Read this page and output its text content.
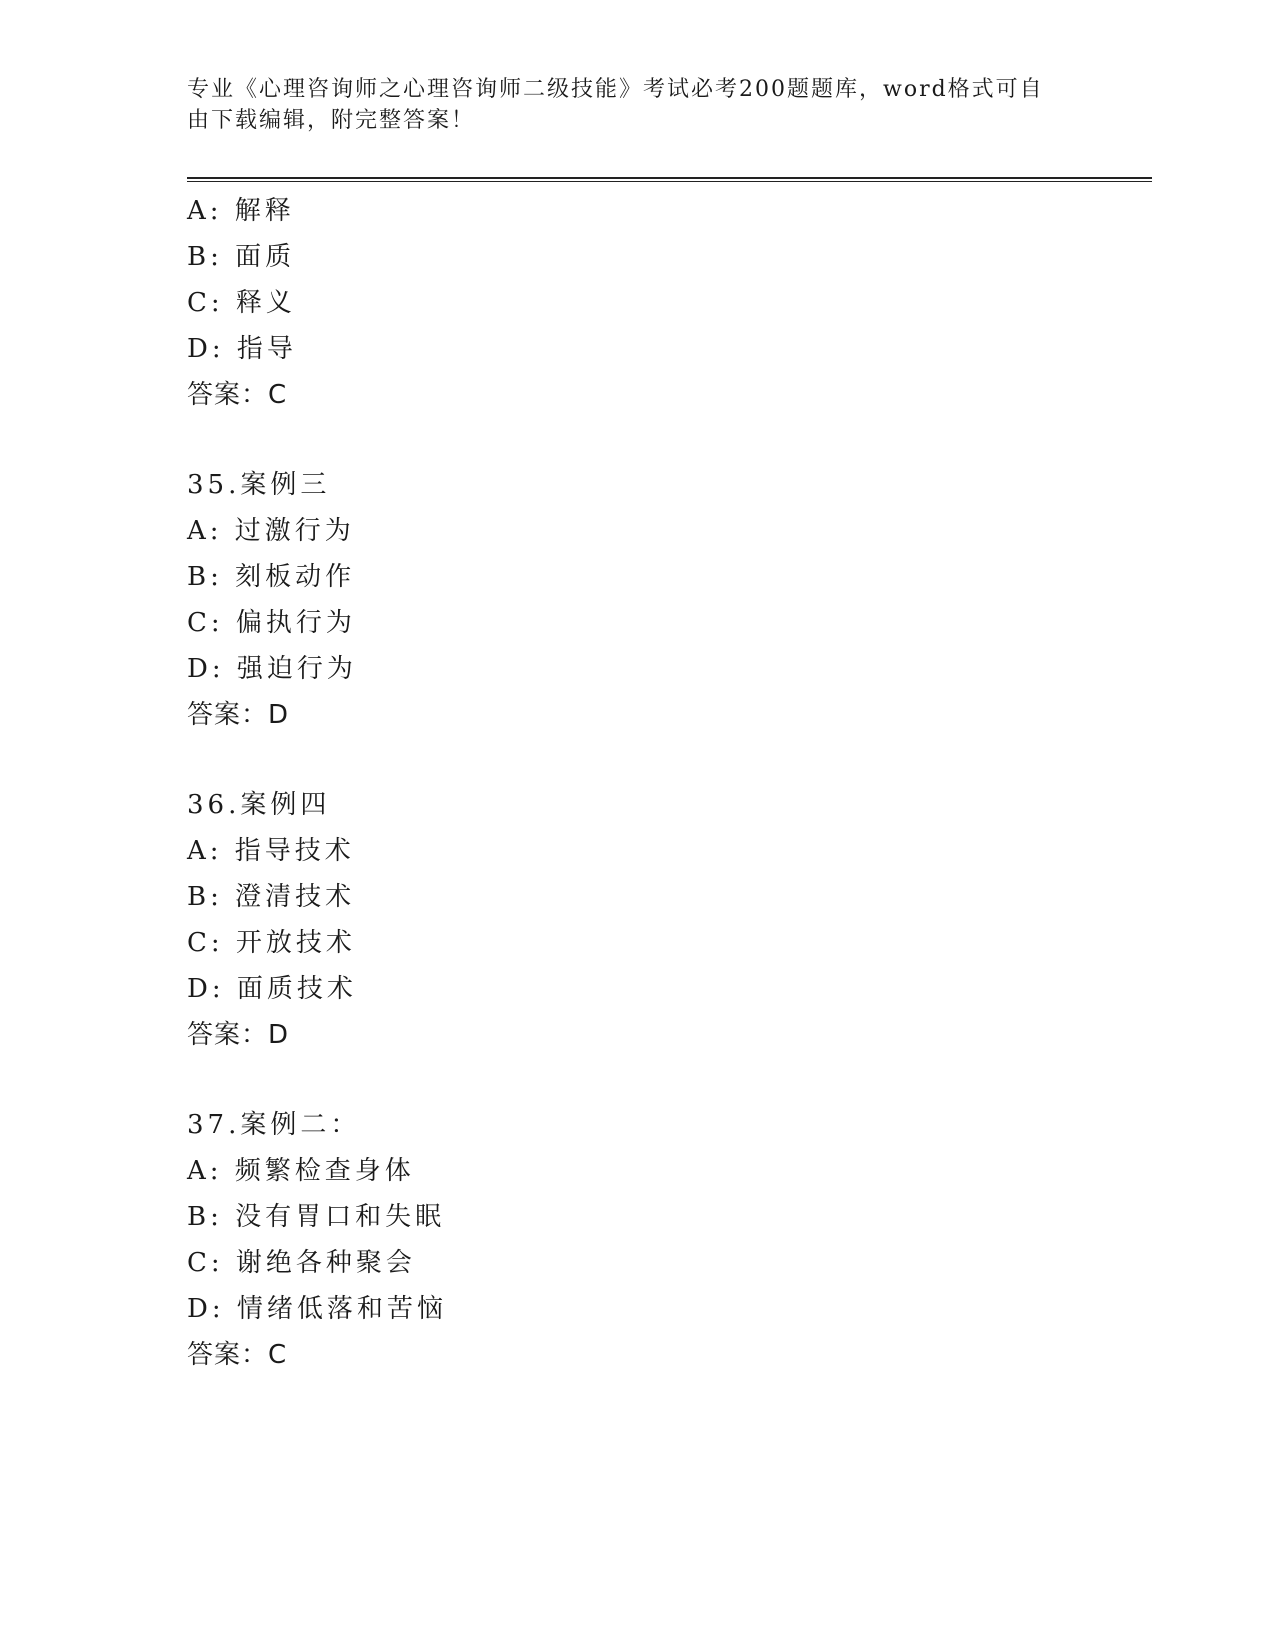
专业《心理咨询师之心理咨询师二级技能》考试必考200题题库，word格式可自
由下载编辑，附完整答案！
A: 解释
B: 面质
C: 释义
D: 指导
答案：C
35.案例三
A: 过激行为
B: 刻板动作
C: 偏执行为
D: 强迫行为
答案：D
36.案例四
A: 指导技术
B: 澄清技术
C: 开放技术
D: 面质技术
答案：D
37.案例二：
A: 频繁检查身体
B: 没有胃口和失眠
C: 谢绝各种聚会
D: 情绪低落和苦恼
答案：C
